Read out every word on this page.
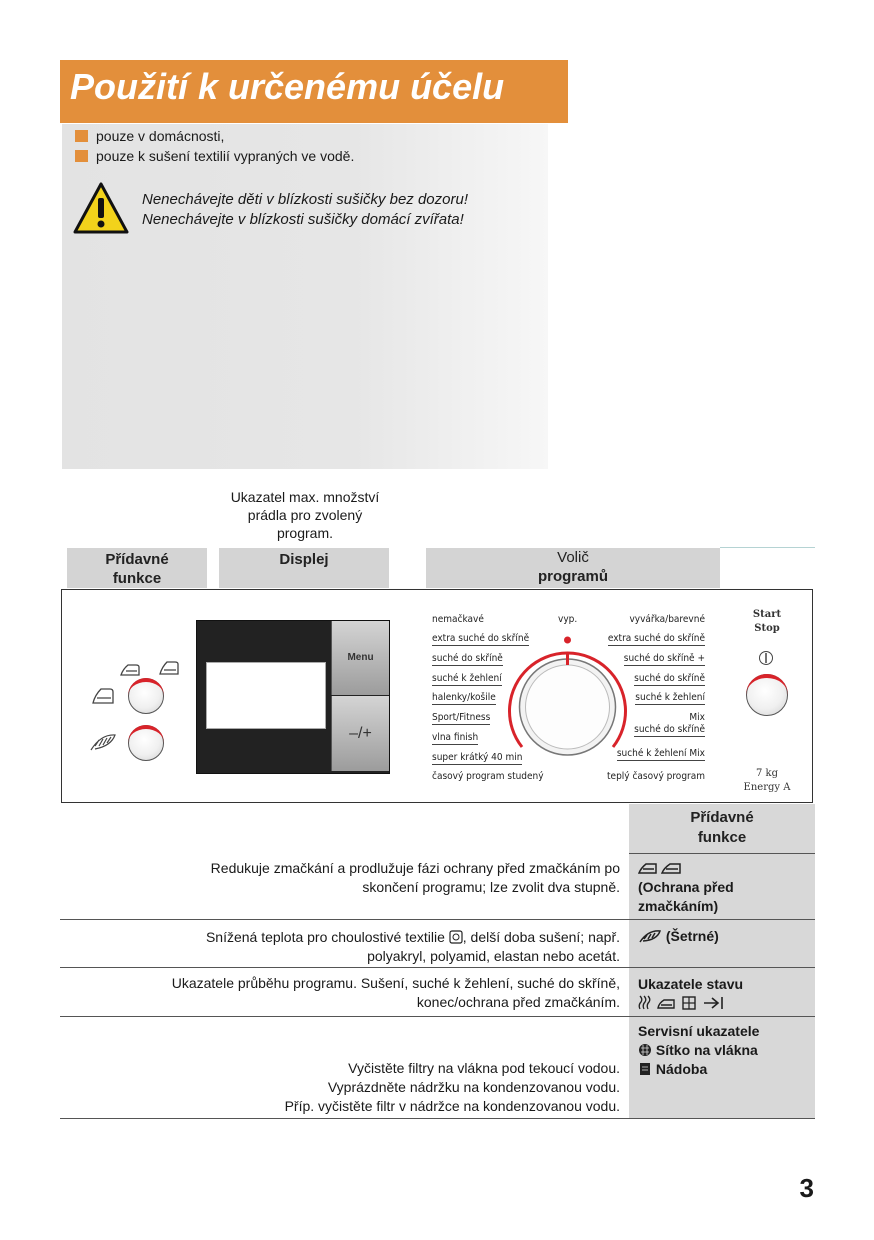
Použití k určenému účelu
pouze v domácnosti,
pouze k sušení textilií vypraných ve vodě.
Nenechávejte děti v blízkosti sušičky bez dozoru!
Nenechávejte v blízkosti sušičky domácí zvířata!
Ukazatel max. množství
prádla pro zvolený
program.
Přídavné
funkce
Displej	Volič
programů
Menu
–/+
nemačkavé
extra suché do skříně
suché do skříně
suché k žehlení
halenky/košile
Sport/Fitness
vlna finish
super krátký 40 min
časový program studený
vyp.	vyvářka/barevné
extra suché do skříně
suché do skříně +
suché do skříně
suché k žehlení
Mix
suché do skříně
suché k žehlení Mix
teplý časový program
Start
Stop
7 kg
Energy A
Přídavné
funkce
Redukuje zmačkání a prodlužuje fázi ochrany před zmačkáním po
skončení programu; lze zvolit dva stupně. (Ochrana před
zmačkáním)
Snížená teplota pro choulostivé textilie , delší doba sušení; např.
polyakryl, polyamid, elastan nebo acetát.
(Šetrné)
Ukazatele průběhu programu. Sušení, suché k žehlení, suché do skříně,
konec/ochrana před zmačkáním.
Ukazatele stavu
Vyčistěte filtry na vlákna pod tekoucí vodou.
Vyprázdněte nádržku na kondenzovanou vodu.
Příp. vyčistěte filtr v nádržce na kondenzovanou vodu.
Servisní ukazatele
Sítko na vlákna
Nádoba
3
